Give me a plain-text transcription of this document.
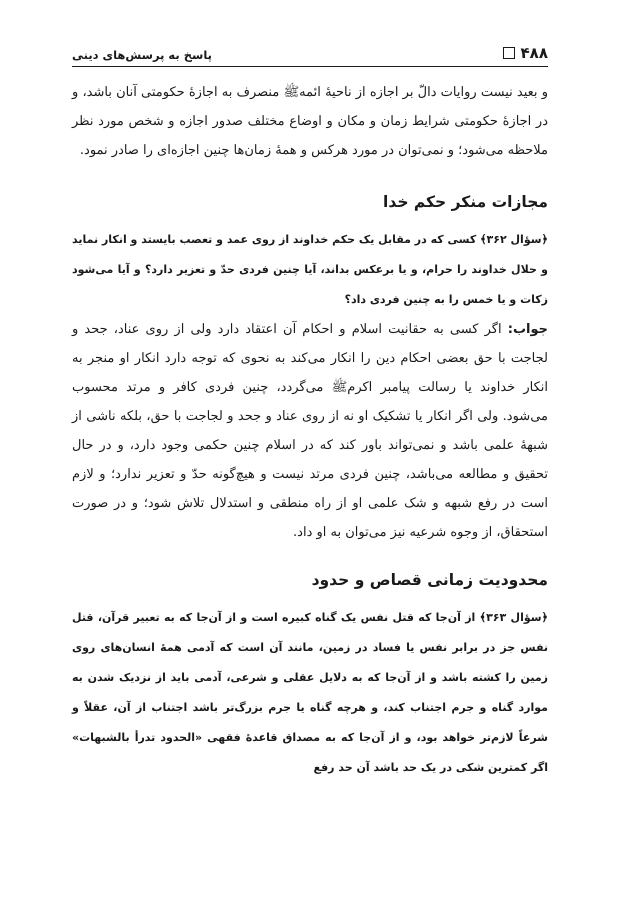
۴۸۸
پاسخ به پرسش‌های دینی

و بعید نیست روایات دالّ بر اجازه از ناحیهٔ ائمهﷺ منصرف به اجازهٔ حکومتی آنان باشد، و در اجازهٔ حکومتی شرایط زمان و مکان و اوضاع مختلف صدور اجازه و شخص مورد نظر ملاحظه می‌شود؛ و نمی‌توان در مورد هرکس و همهٔ زمان‌ها چنین اجازه‌ای را صادر نمود.

مجازات منکر حکم خدا

﴿سؤال ۳۶۲﴾ کسی که در مقابل یک حکم خداوند از روی عمد و تعصب بایستد و انکار نماید و حلال خداوند را حرام، و یا برعکس بداند، آیا چنین فردی حدّ و تعزیر دارد؟ و آیا می‌شود زکات و یا خمس را به چنین فردی داد؟

جواب: اگر کسی به حقانیت اسلام و احکام آن اعتقاد دارد ولی از روی عناد، جحد و لجاجت با حق بعضی احکام دین را انکار می‌کند به نحوی که توجه دارد انکار او منجر به انکار خداوند یا رسالت پیامبر اکرمﷺ می‌گردد، چنین فردی کافر و مرتد محسوب می‌شود. ولی اگر انکار یا تشکیک او نه از روی عناد و جحد و لجاجت با حق، بلکه ناشی از شبههٔ علمی باشد و نمی‌تواند باور کند که در اسلام چنین حکمی وجود دارد، و در حال تحقیق و مطالعه می‌باشد، چنین فردی مرتد نیست و هیچ‌گونه حدّ و تعزیر ندارد؛ و لازم است در رفع شبهه و شک علمی او از راه منطقی و استدلال تلاش شود؛ و در صورت استحقاق، از وجوه شرعیه نیز می‌توان به او داد.

محدودیت زمانی قصاص و حدود

﴿سؤال ۳۶۳﴾ از آن‌جا که قتل نفس یک گناه کبیره است و از آن‌جا که به تعبیر قرآن، قتل نفس جز در برابر نفس یا فساد در زمین، مانند آن است که آدمی همهٔ انسان‌های روی زمین را کشته باشد و از آن‌جا که به دلایل عقلی و شرعی، آدمی باید از نزدیک شدن به موارد گناه و جرم اجتناب کند، و هرچه گناه یا جرم بزرگ‌تر باشد اجتناب از آن، عقلاً و شرعاً لازم‌تر خواهد بود، و از آن‌جا که به مصداق قاعدهٔ فقهی «الحدود تدرأ بالشبهات» اگر کمترین شکی در یک حد باشد آن حد رفع
